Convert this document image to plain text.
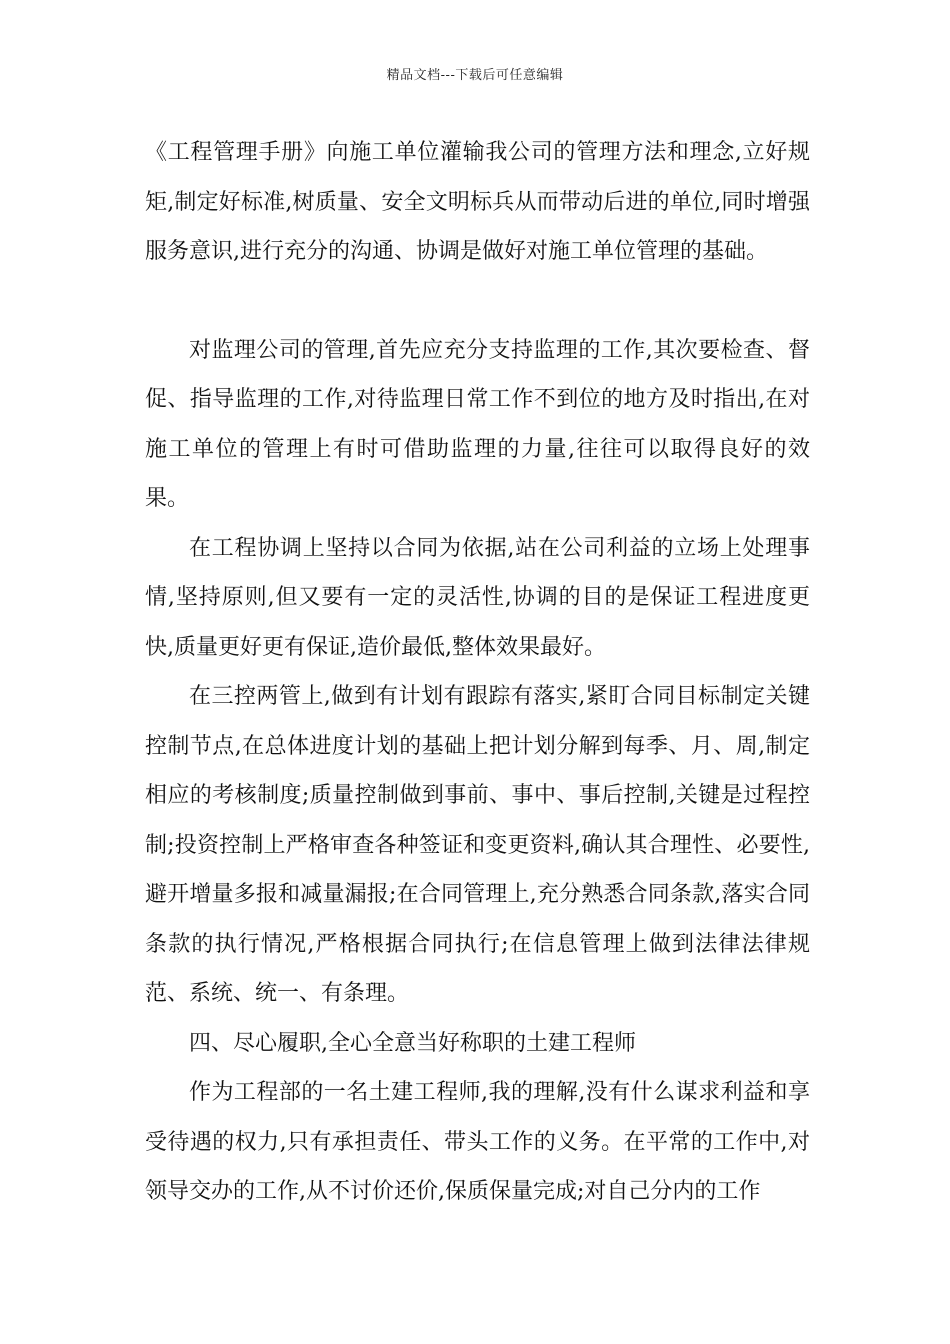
精品文档---下载后可任意编辑

《工程管理手册》向施工单位灌输我公司的管理方法和理念,立好规矩,制定好标准,树质量、安全文明标兵从而带动后进的单位,同时增强服务意识,进行充分的沟通、协调是做好对施工单位管理的基础。

对监理公司的管理,首先应充分支持监理的工作,其次要检查、督促、指导监理的工作,对待监理日常工作不到位的地方及时指出,在对施工单位的管理上有时可借助监理的力量,往往可以取得良好的效果。

在工程协调上坚持以合同为依据,站在公司利益的立场上处理事情,坚持原则,但又要有一定的灵活性,协调的目的是保证工程进度更快,质量更好更有保证,造价最低,整体效果最好。

在三控两管上,做到有计划有跟踪有落实,紧盯合同目标制定关键控制节点,在总体进度计划的基础上把计划分解到每季、月、周,制定相应的考核制度;质量控制做到事前、事中、事后控制,关键是过程控制;投资控制上严格审查各种签证和变更资料,确认其合理性、必要性,避开增量多报和减量漏报;在合同管理上,充分熟悉合同条款,落实合同条款的执行情况,严格根据合同执行;在信息管理上做到法律法律规范、系统、统一、有条理。

四、尽心履职,全心全意当好称职的土建工程师

作为工程部的一名土建工程师,我的理解,没有什么谋求利益和享受待遇的权力,只有承担责任、带头工作的义务。在平常的工作中,对领导交办的工作,从不讨价还价,保质保量完成;对自己分内的工作
